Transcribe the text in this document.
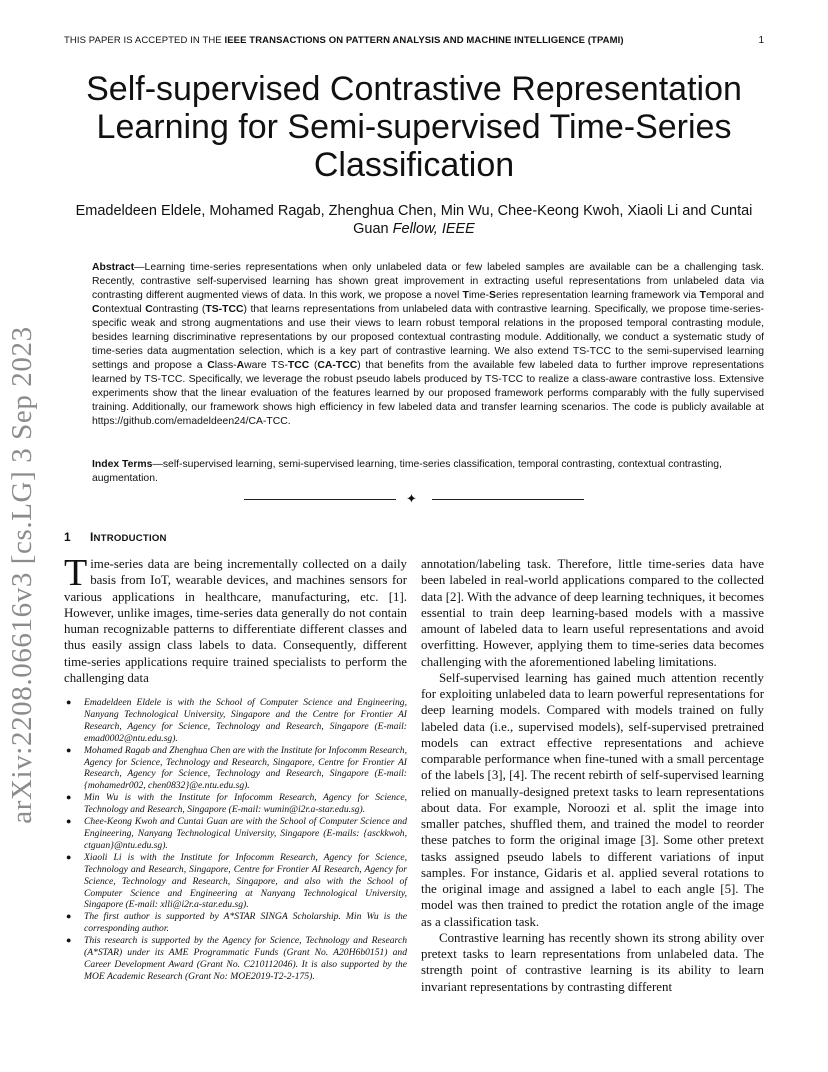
THIS PAPER IS ACCEPTED IN THE IEEE TRANSACTIONS ON PATTERN ANALYSIS AND MACHINE INTELLIGENCE (TPAMI)	1
arXiv:2208.06616v3 [cs.LG] 3 Sep 2023
Self-supervised Contrastive Representation Learning for Semi-supervised Time-Series Classification
Emadeldeen Eldele, Mohamed Ragab, Zhenghua Chen, Min Wu, Chee-Keong Kwoh, Xiaoli Li and Cuntai Guan Fellow, IEEE
Abstract—Learning time-series representations when only unlabeled data or few labeled samples are available can be a challenging task. Recently, contrastive self-supervised learning has shown great improvement in extracting useful representations from unlabeled data via contrasting different augmented views of data. In this work, we propose a novel Time-Series representation learning framework via Temporal and Contextual Contrasting (TS-TCC) that learns representations from unlabeled data with contrastive learning. Specifically, we propose time-series-specific weak and strong augmentations and use their views to learn robust temporal relations in the proposed temporal contrasting module, besides learning discriminative representations by our proposed contextual contrasting module. Additionally, we conduct a systematic study of time-series data augmentation selection, which is a key part of contrastive learning. We also extend TS-TCC to the semi-supervised learning settings and propose a Class-Aware TS-TCC (CA-TCC) that benefits from the available few labeled data to further improve representations learned by TS-TCC. Specifically, we leverage the robust pseudo labels produced by TS-TCC to realize a class-aware contrastive loss. Extensive experiments show that the linear evaluation of the features learned by our proposed framework performs comparably with the fully supervised training. Additionally, our framework shows high efficiency in few labeled data and transfer learning scenarios. The code is publicly available at https://github.com/emadeldeen24/CA-TCC.
Index Terms—self-supervised learning, semi-supervised learning, time-series classification, temporal contrasting, contextual contrasting, augmentation.
✦
1 INTRODUCTION

Time-series data are being incrementally collected on a daily basis from IoT, wearable devices, and machines sensors for various applications in healthcare, manufacturing, etc. [1]. However, unlike images, time-series data generally do not contain human recognizable patterns to differentiate different classes and thus easily assign class labels to data. Consequently, different time-series applications require trained specialists to perform the challenging data

● Emadeldeen Eldele is with the School of Computer Science and Engineering, Nanyang Technological University, Singapore and the Centre for Frontier AI Research, Agency for Science, Technology and Research, Singapore (E-mail: emad0002@ntu.edu.sg).
● Mohamed Ragab and Zhenghua Chen are with the Institute for Infocomm Research, Agency for Science, Technology and Research, Singapore, Centre for Frontier AI Research, Agency for Science, Technology and Research, Singapore (E-mail: {mohamedr002, chen0832}@e.ntu.edu.sg).
● Min Wu is with the Institute for Infocomm Research, Agency for Science, Technology and Research, Singapore (E-mail: wumin@i2r.a-star.edu.sg).
● Chee-Keong Kwoh and Cuntai Guan are with the School of Computer Science and Engineering, Nanyang Technological University, Singapore (E-mails: {asckkwoh, ctguan}@ntu.edu.sg).
● Xiaoli Li is with the Institute for Infocomm Research, Agency for Science, Technology and Research, Singapore, Centre for Frontier AI Research, Agency for Science, Technology and Research, Singapore, and also with the School of Computer Science and Engineering at Nanyang Technological University, Singapore (E-mail: xlli@i2r.a-star.edu.sg).
● The first author is supported by A*STAR SINGA Scholarship. Min Wu is the corresponding author.
● This research is supported by the Agency for Science, Technology and Research (A*STAR) under its AME Programmatic Funds (Grant No. A20H6b0151) and Career Development Award (Grant No. C210112046). It is also supported by the MOE Academic Research (Grant No: MOE2019-T2-2-175).

annotation/labeling task. Therefore, little time-series data have been labeled in real-world applications compared to the collected data [2]. With the advance of deep learning techniques, it becomes essential to train deep learning-based models with a massive amount of labeled data to learn useful representations and avoid overfitting. However, applying them to time-series data becomes challenging with the aforementioned labeling limitations.

Self-supervised learning has gained much attention recently for exploiting unlabeled data to learn powerful representations for deep learning models. Compared with models trained on fully labeled data (i.e., supervised models), self-supervised pretrained models can extract effective representations and achieve comparable performance when fine-tuned with a small percentage of the labels [3], [4]. The recent rebirth of self-supervised learning relied on manually-designed pretext tasks to learn representations about data. For example, Noroozi et al. split the image into smaller patches, shuffled them, and trained the model to reorder these patches to form the original image [3]. Some other pretext tasks assigned pseudo labels to different variations of input samples. For instance, Gidaris et al. applied several rotations to the original image and assigned a label to each angle [5]. The model was then trained to predict the rotation angle of the image as a classification task.

Contrastive learning has recently shown its strong ability over pretext tasks to learn representations from unlabeled data. The strength point of contrastive learning is its ability to learn invariant representations by contrasting different
